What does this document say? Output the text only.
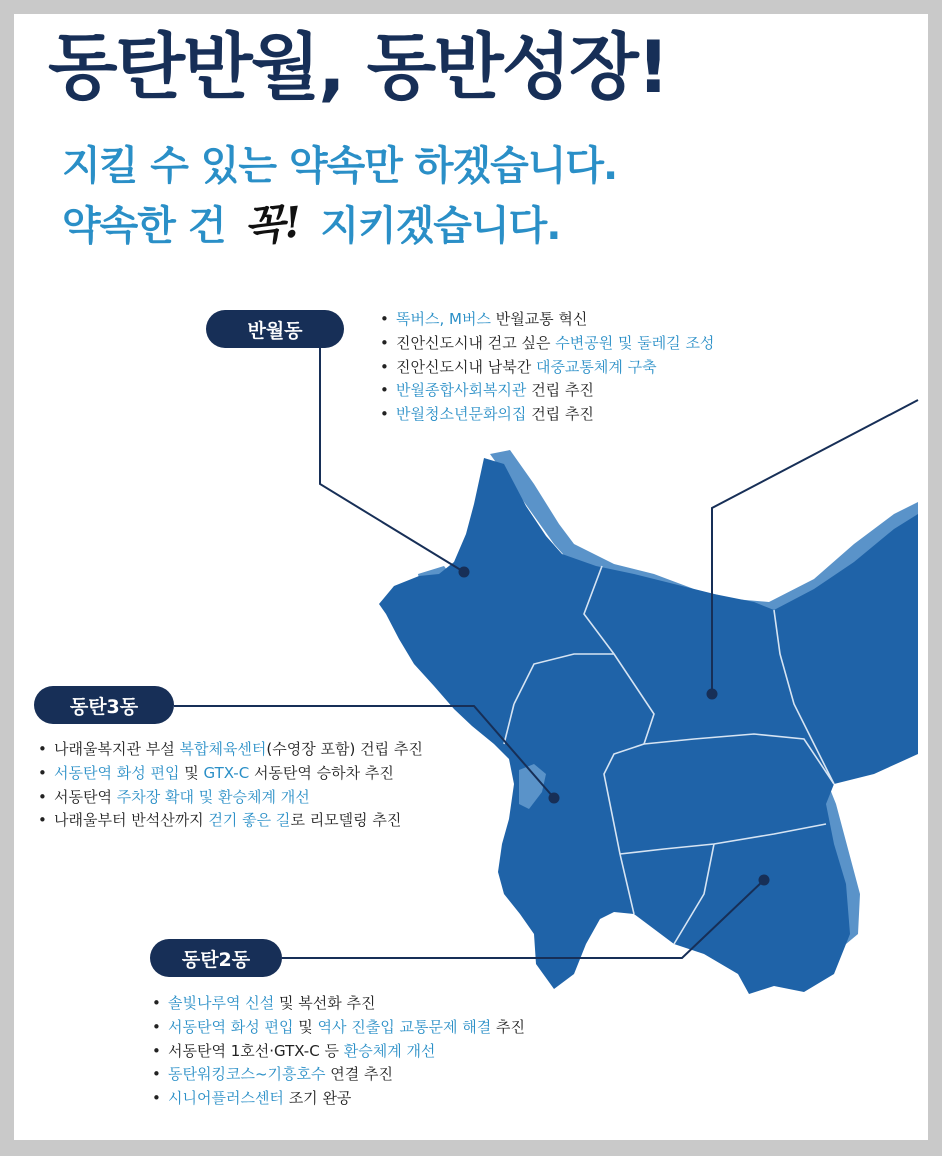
동탄반월, 동반성장!
지킬 수 있는 약속만 하겠습니다.
약속한 건 꼭! 지키겠습니다.
반월동
• 똑버스, M버스 반월교통 혁신
• 진안신도시내 걷고 싶은 수변공원 및 둘레길 조성
• 진안신도시내 남북간 대중교통체계 구축
• 반월종합사회복지관 건립 추진
• 반월청소년문화의집 건립 추진
동탄3동
• 나래울복지관 부설 복합체육센터(수영장 포함) 건립 추진
• 서동탄역 화성 편입 및 GTX-C 서동탄역 승하차 추진
• 서동탄역 주차장 확대 및 환승체계 개선
• 나래울부터 반석산까지 걷기 좋은 길로 리모델링 추진
동탄2동
• 솔빛나루역 신설 및 복선화 추진
• 서동탄역 화성 편입 및 역사 진출입 교통문제 해결 추진
• 서동탄역 1호선·GTX-C 등 환승체계 개선
• 동탄워킹코스~기흥호수 연결 추진
• 시니어플러스센터 조기 완공
